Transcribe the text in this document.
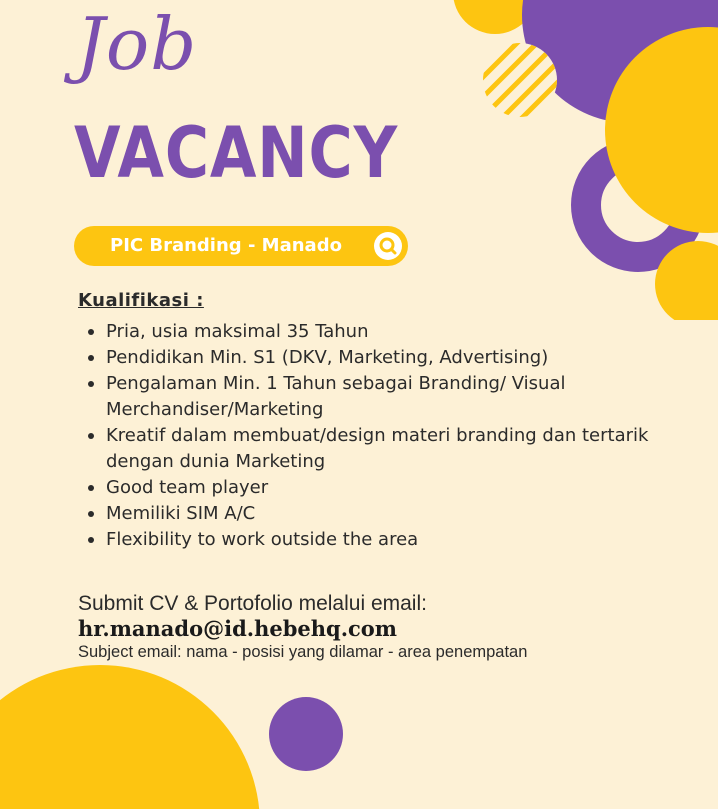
Job
VACANCY
PIC Branding - Manado
Kualifikasi :
Pria, usia maksimal 35 Tahun
Pendidikan Min. S1 (DKV, Marketing, Advertising)
Pengalaman Min. 1 Tahun sebagai Branding/ Visual Merchandiser/Marketing
Kreatif dalam membuat/design materi branding dan tertarik dengan dunia Marketing
Good team player
Memiliki SIM A/C
Flexibility to work outside the area
Submit CV & Portofolio melalui email:
hr.manado@id.hebehq.com
Subject email: nama - posisi yang dilamar - area penempatan
